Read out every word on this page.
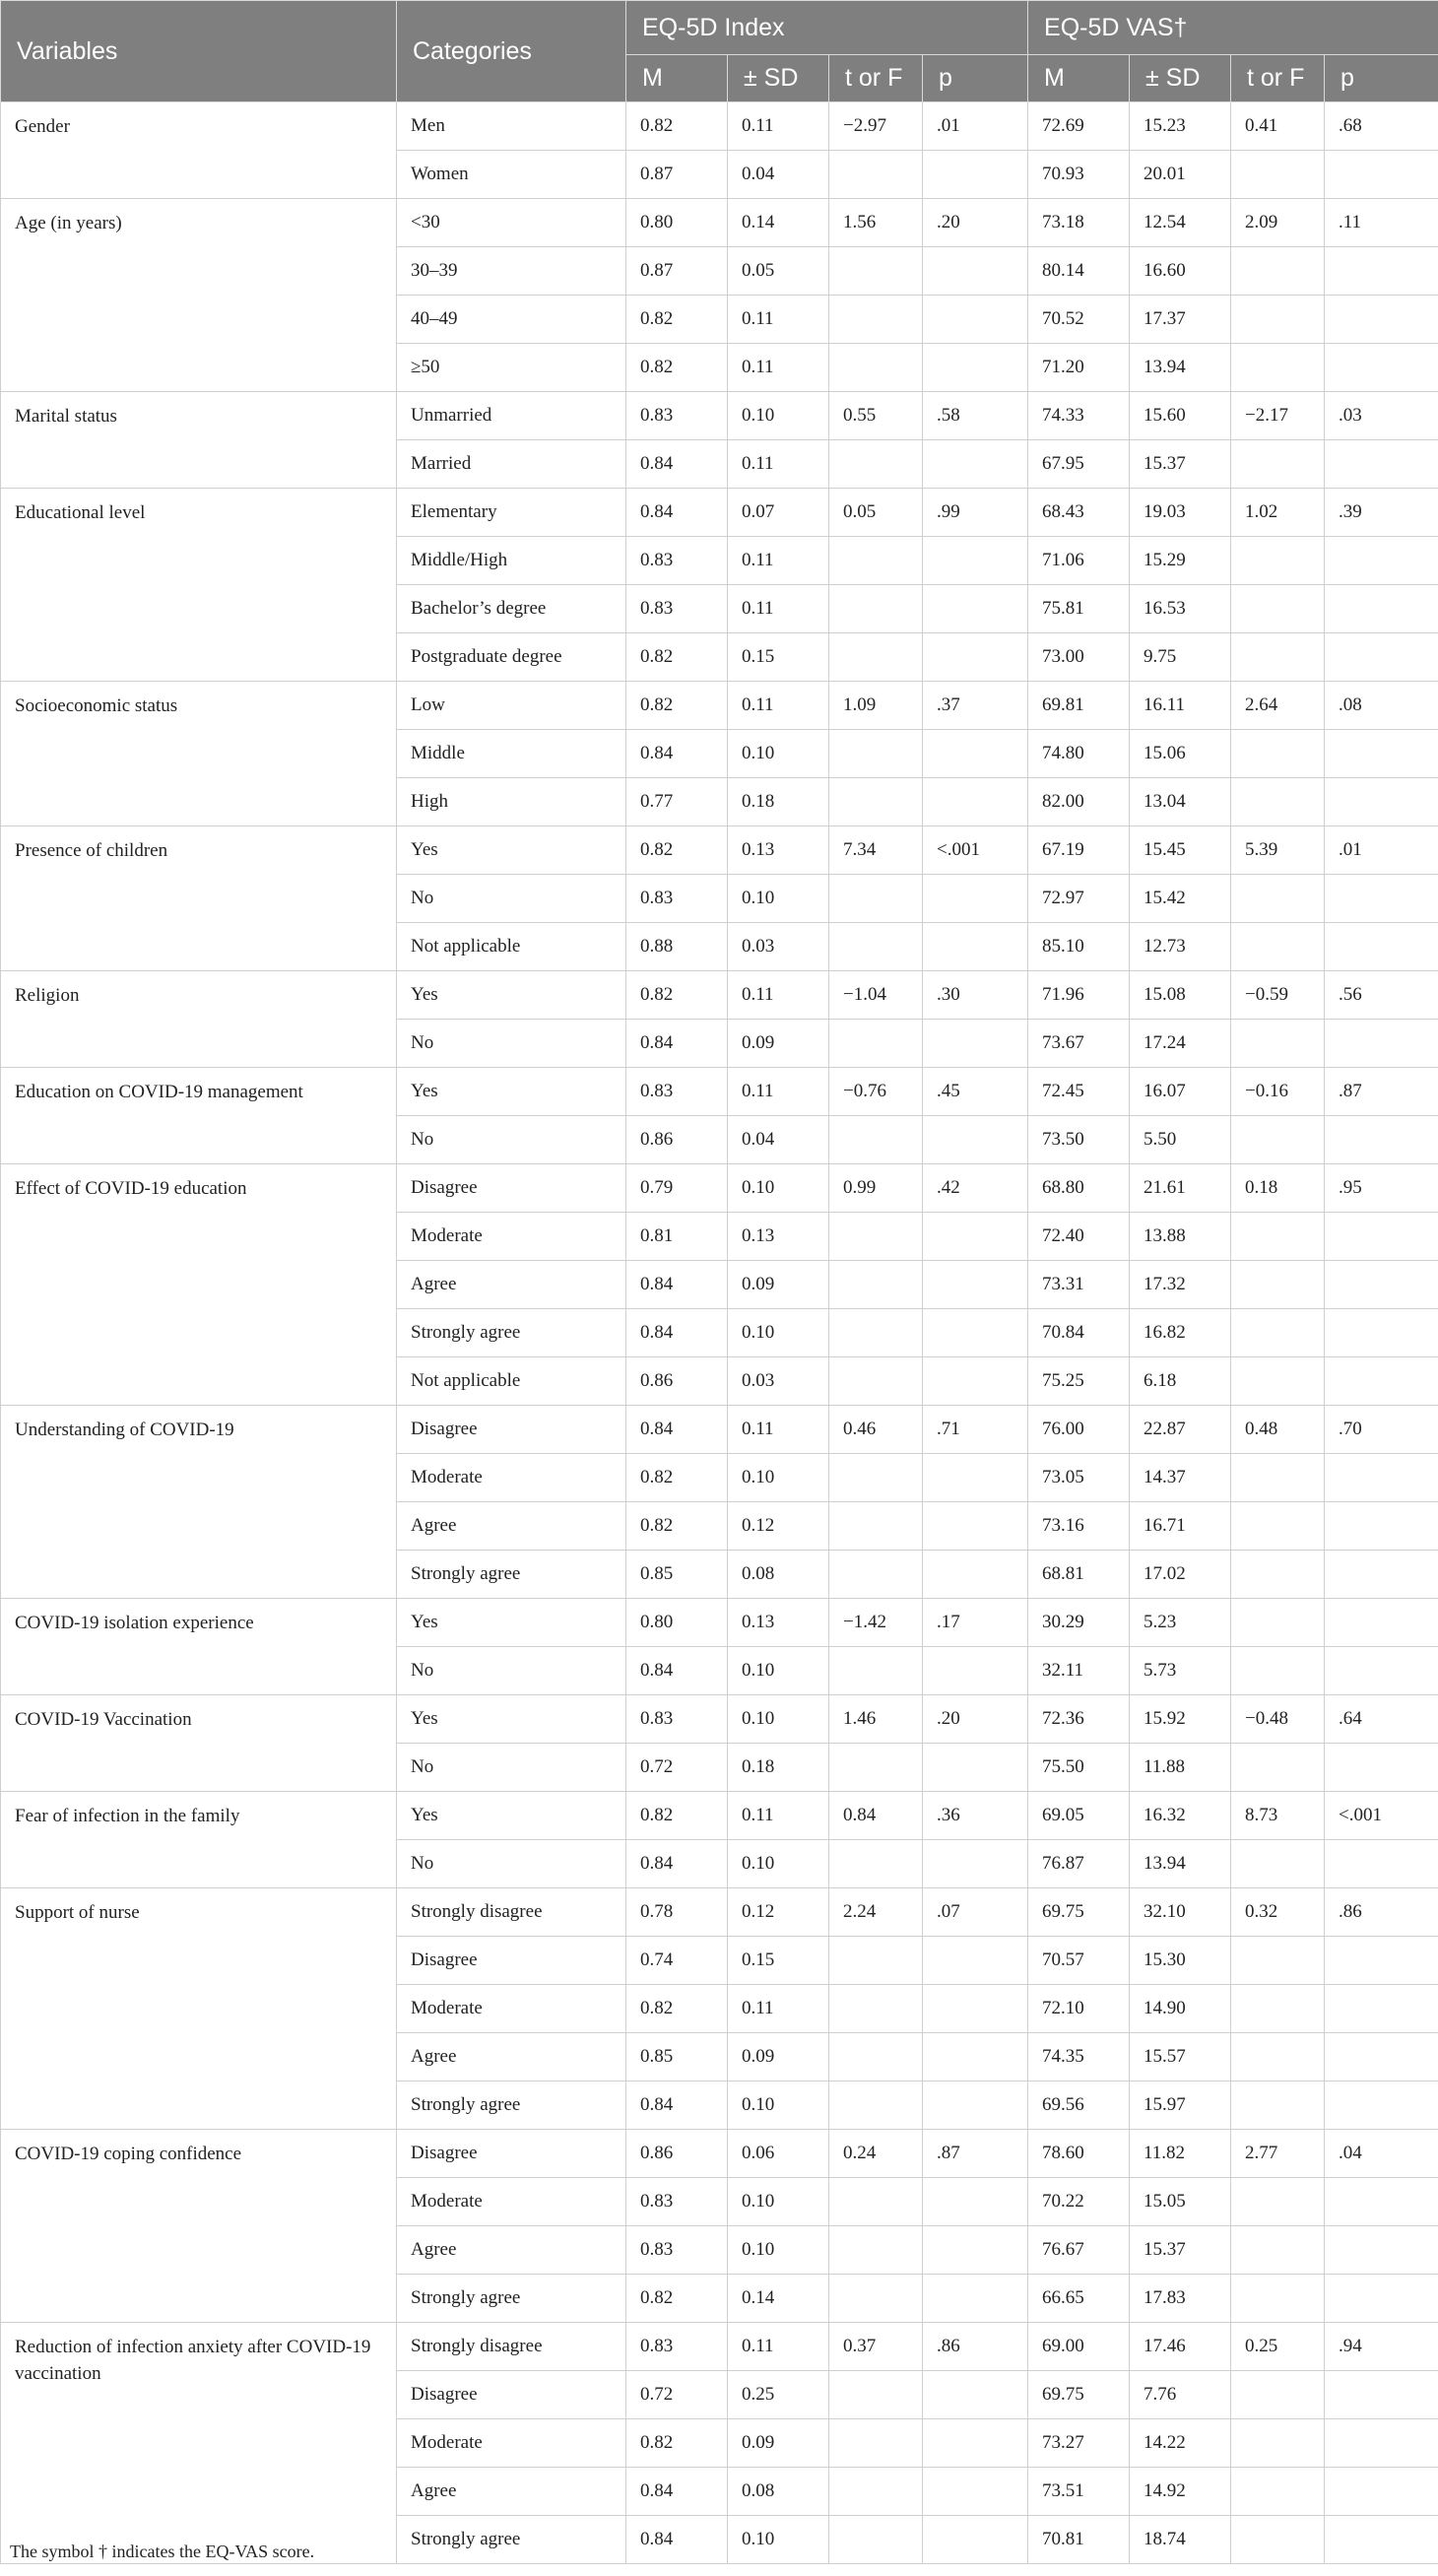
Variables	Categories	EQ-5D Index				EQ-5D VAS†			
		M	± SD	t or F	p	M	± SD	t or F	p
Gender	Men	0.82	0.11	−2.97	.01	72.69	15.23	0.41	.68
	Women	0.87	0.04			70.93	20.01		
Age (in years)	<30	0.80	0.14	1.56	.20	73.18	12.54	2.09	.11
	30–39	0.87	0.05			80.14	16.60		
	40–49	0.82	0.11			70.52	17.37		
	≥50	0.82	0.11			71.20	13.94		
Marital status	Unmarried	0.83	0.10	0.55	.58	74.33	15.60	−2.17	.03
	Married	0.84	0.11			67.95	15.37		
Educational level	Elementary	0.84	0.07	0.05	.99	68.43	19.03	1.02	.39
	Middle/High	0.83	0.11			71.06	15.29		
	Bachelor’s degree	0.83	0.11			75.81	16.53		
	Postgraduate degree	0.82	0.15			73.00	9.75		
Socioeconomic status	Low	0.82	0.11	1.09	.37	69.81	16.11	2.64	.08
	Middle	0.84	0.10			74.80	15.06		
	High	0.77	0.18			82.00	13.04		
Presence of children	Yes	0.82	0.13	7.34	<.001	67.19	15.45	5.39	.01
	No	0.83	0.10			72.97	15.42		
	Not applicable	0.88	0.03			85.10	12.73		
Religion	Yes	0.82	0.11	−1.04	.30	71.96	15.08	−0.59	.56
	No	0.84	0.09			73.67	17.24		
Education on COVID-19 management	Yes	0.83	0.11	−0.76	.45	72.45	16.07	−0.16	.87
	No	0.86	0.04			73.50	5.50		
Effect of COVID-19 education	Disagree	0.79	0.10	0.99	.42	68.80	21.61	0.18	.95
	Moderate	0.81	0.13			72.40	13.88		
	Agree	0.84	0.09			73.31	17.32		
	Strongly agree	0.84	0.10			70.84	16.82		
	Not applicable	0.86	0.03			75.25	6.18		
Understanding of COVID-19	Disagree	0.84	0.11	0.46	.71	76.00	22.87	0.48	.70
	Moderate	0.82	0.10			73.05	14.37		
	Agree	0.82	0.12			73.16	16.71		
	Strongly agree	0.85	0.08			68.81	17.02		
COVID-19 isolation experience	Yes	0.80	0.13	−1.42	.17	30.29	5.23		
	No	0.84	0.10			32.11	5.73		
COVID-19 Vaccination	Yes	0.83	0.10	1.46	.20	72.36	15.92	−0.48	.64
	No	0.72	0.18			75.50	11.88		
Fear of infection in the family	Yes	0.82	0.11	0.84	.36	69.05	16.32	8.73	<.001
	No	0.84	0.10			76.87	13.94		
Support of nurse	Strongly disagree	0.78	0.12	2.24	.07	69.75	32.10	0.32	.86
	Disagree	0.74	0.15			70.57	15.30		
	Moderate	0.82	0.11			72.10	14.90		
	Agree	0.85	0.09			74.35	15.57		
	Strongly agree	0.84	0.10			69.56	15.97		
COVID-19 coping confidence	Disagree	0.86	0.06	0.24	.87	78.60	11.82	2.77	.04
	Moderate	0.83	0.10			70.22	15.05		
	Agree	0.83	0.10			76.67	15.37		
	Strongly agree	0.82	0.14			66.65	17.83		
Reduction of infection anxiety after COVID-19 vaccination	Strongly disagree	0.83	0.11	0.37	.86	69.00	17.46	0.25	.94
	Disagree	0.72	0.25			69.75	7.76		
	Moderate	0.82	0.09			73.27	14.22		
	Agree	0.84	0.08			73.51	14.92		
	Strongly agree	0.84	0.10			70.81	18.74		
The symbol † indicates the EQ-VAS score.
